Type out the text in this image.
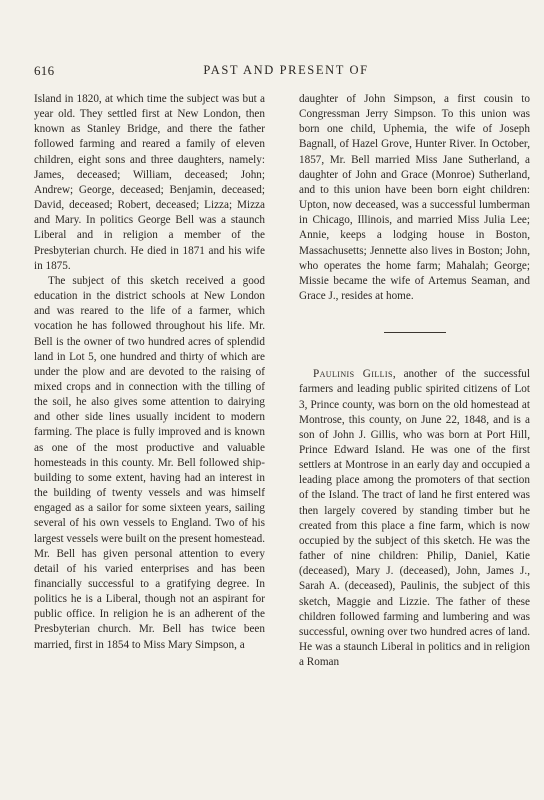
616	PAST AND PRESENT OF

Island in 1820, at which time the subject was but a year old. They settled first at New London, then known as Stanley Bridge, and there the father followed farming and reared a family of eleven children, eight sons and three daughters, namely: James, deceased; William, deceased; John; Andrew; George, deceased; Benjamin, deceased; David, deceased; Robert, deceased; Lizza; Mizza and Mary. In politics George Bell was a staunch Liberal and in religion a member of the Presbyterian church. He died in 1871 and his wife in 1875.

The subject of this sketch received a good education in the district schools at New London and was reared to the life of a farmer, which vocation he has followed throughout his life. Mr. Bell is the owner of two hundred acres of splendid land in Lot 5, one hundred and thirty of which are under the plow and are devoted to the raising of mixed crops and in connection with the tilling of the soil, he also gives some attention to dairying and other side lines usually incident to modern farming. The place is fully improved and is known as one of the most productive and valuable homesteads in this county. Mr. Bell followed ship-building to some extent, having had an interest in the building of twenty vessels and was himself engaged as a sailor for some sixteen years, sailing several of his own vessels to England. Two of his largest vessels were built on the present homestead. Mr. Bell has given personal attention to every detail of his varied enterprises and has been financially successful to a gratifying degree. In politics he is a Liberal, though not an aspirant for public office. In religion he is an adherent of the Presbyterian church. Mr. Bell has twice been married, first in 1854 to Miss Mary Simpson, a

daughter of John Simpson, a first cousin to Congressman Jerry Simpson. To this union was born one child, Uphemia, the wife of Joseph Bagnall, of Hazel Grove, Hunter River. In October, 1857, Mr. Bell married Miss Jane Sutherland, a daughter of John and Grace (Monroe) Sutherland, and to this union have been born eight children: Upton, now deceased, was a successful lumberman in Chicago, Illinois, and married Miss Julia Lee; Annie, keeps a lodging house in Boston, Massachusetts; Jennette also lives in Boston; John, who operates the home farm; Mahalah; George; Missie became the wife of Artemus Seaman, and Grace J., resides at home.

Paulinis Gillis, another of the successful farmers and leading public spirited citizens of Lot 3, Prince county, was born on the old homestead at Montrose, this county, on June 22, 1848, and is a son of John J. Gillis, who was born at Port Hill, Prince Edward Island. He was one of the first settlers at Montrose in an early day and occupied a leading place among the promoters of that section of the Island. The tract of land he first entered was then largely covered by standing timber but he created from this place a fine farm, which is now occupied by the subject of this sketch. He was the father of nine children: Philip, Daniel, Katie (deceased), Mary J. (deceased), John, James J., Sarah A. (deceased), Paulinis, the subject of this sketch, Maggie and Lizzie. The father of these children followed farming and lumbering and was successful, owning over two hundred acres of land. He was a staunch Liberal in politics and in religion a Roman
